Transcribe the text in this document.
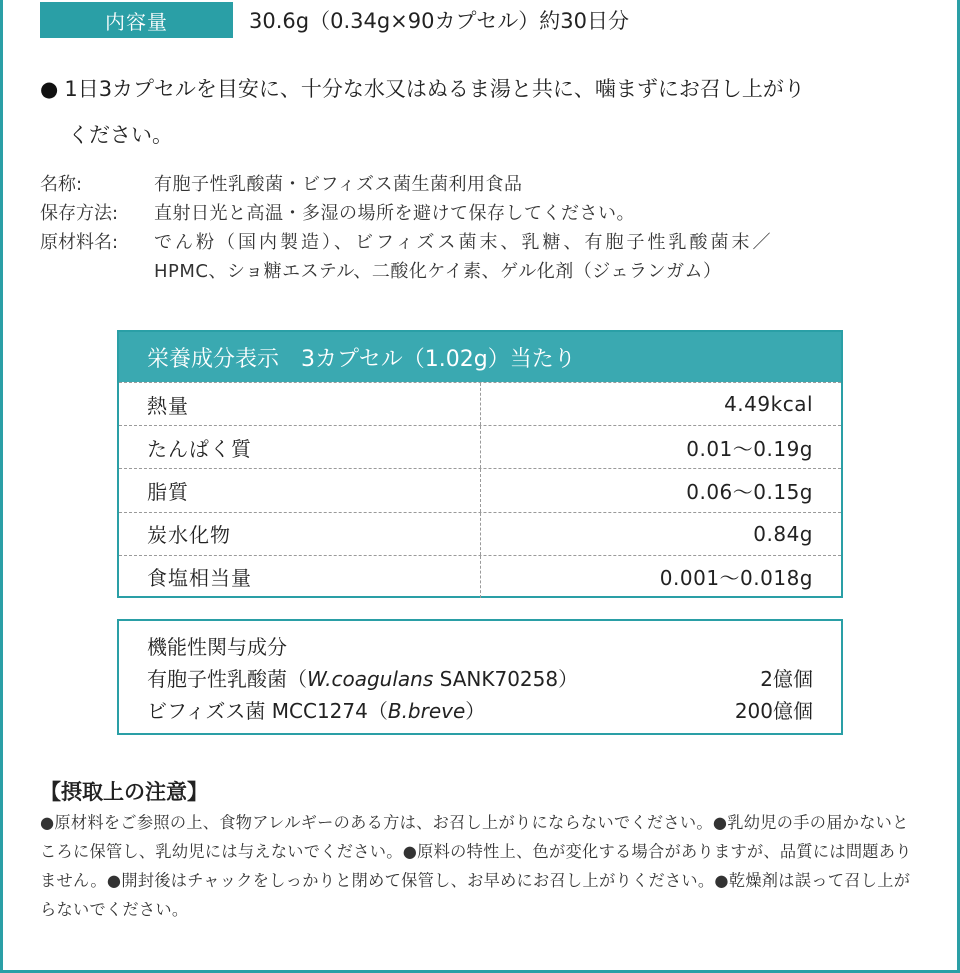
内容量	30.6g（0.34g×90カプセル）約30日分
● 1日3カプセルを目安に、十分な水又はぬるま湯と共に、噛まずにお召し上がり
ください。
名称:	有胞子性乳酸菌・ビフィズス菌生菌利用食品
保存方法:	直射日光と高温・多湿の場所を避けて保存してください。
原材料名:	でん粉（国内製造）、ビフィズス菌末、乳糖、有胞子性乳酸菌末／
HPMC、ショ糖エステル、二酸化ケイ素、ゲル化剤（ジェランガム）
栄養成分表示　3カプセル（1.02g）当たり
熱量	4.49kcal
たんぱく質	0.01〜0.19g
脂質	0.06〜0.15g
炭水化物	0.84g
食塩相当量	0.001〜0.018g
機能性関与成分
有胞子性乳酸菌（W.coagulans SANK70258）	2億個
ビフィズス菌 MCC1274（B.breve）	200億個
【摂取上の注意】
●原材料をご参照の上、食物アレルギーのある方は、お召し上がりにならないでください。●乳幼児の手の届かないところに保管し、乳幼児には与えないでください。●原料の特性上、色が変化する場合がありますが、品質には問題ありません。●開封後はチャックをしっかりと閉めて保管し、お早めにお召し上がりください。●乾燥剤は誤って召し上がらないでください。
